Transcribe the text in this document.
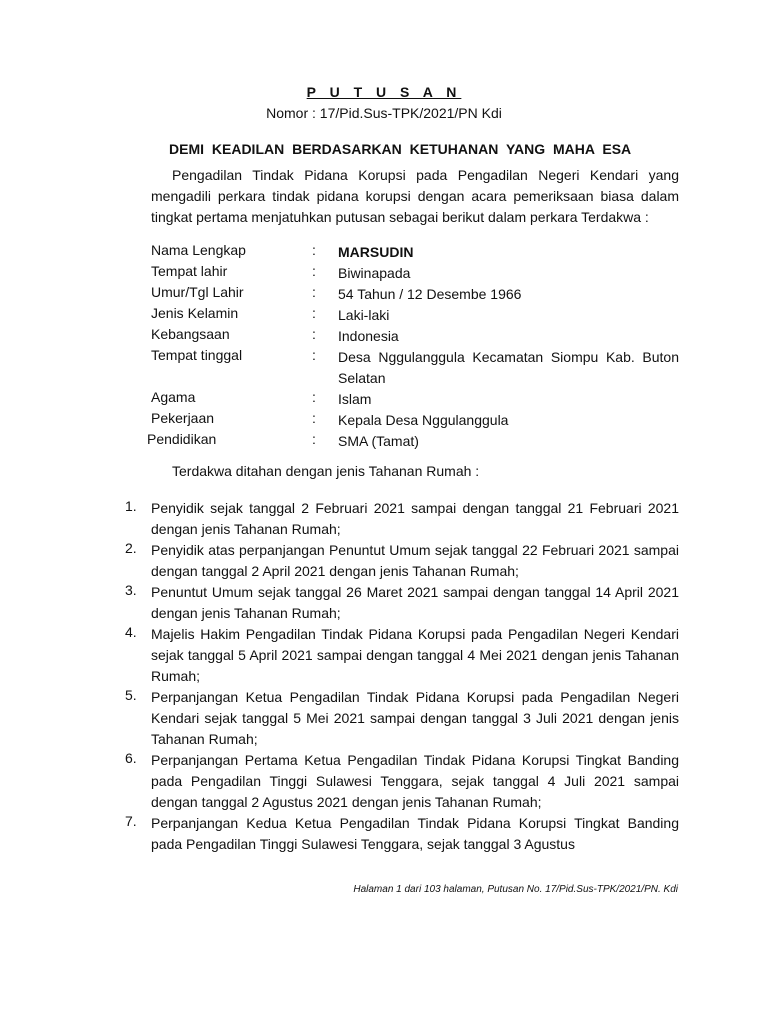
P U T U S A N
Nomor : 17/Pid.Sus-TPK/2021/PN Kdi
DEMI KEADILAN BERDASARKAN KETUHANAN YANG MAHA ESA
Pengadilan Tindak Pidana Korupsi pada Pengadilan Negeri Kendari yang mengadili perkara tindak pidana korupsi dengan acara pemeriksaan biasa dalam tingkat pertama menjatuhkan putusan sebagai berikut dalam perkara Terdakwa :
Nama Lengkap	: MARSUDIN
Tempat lahir	: Biwinapada
Umur/Tgl Lahir	: 54 Tahun / 12 Desembe 1966
Jenis Kelamin	: Laki-laki
Kebangsaan	: Indonesia
Tempat tinggal	: Desa Nggulanggula Kecamatan Siompu Kab. Buton Selatan
Agama	: Islam
Pekerjaan	: Kepala Desa Nggulanggula
Pendidikan	: SMA (Tamat)
Terdakwa ditahan dengan jenis Tahanan Rumah :
1. Penyidik sejak tanggal 2 Februari 2021 sampai dengan tanggal 21 Februari 2021 dengan jenis Tahanan Rumah;
2. Penyidik atas perpanjangan Penuntut Umum sejak tanggal 22 Februari 2021 sampai dengan tanggal 2 April 2021 dengan jenis Tahanan Rumah;
3. Penuntut Umum sejak tanggal 26 Maret 2021 sampai dengan tanggal 14 April 2021 dengan jenis Tahanan Rumah;
4. Majelis Hakim Pengadilan Tindak Pidana Korupsi pada Pengadilan Negeri Kendari sejak tanggal 5 April 2021 sampai dengan tanggal 4 Mei 2021 dengan jenis Tahanan Rumah;
5. Perpanjangan Ketua Pengadilan Tindak Pidana Korupsi pada Pengadilan Negeri Kendari sejak tanggal 5 Mei 2021 sampai dengan tanggal 3 Juli 2021 dengan jenis Tahanan Rumah;
6. Perpanjangan Pertama Ketua Pengadilan Tindak Pidana Korupsi Tingkat Banding pada Pengadilan Tinggi Sulawesi Tenggara, sejak tanggal 4 Juli 2021 sampai dengan tanggal 2 Agustus 2021 dengan jenis Tahanan Rumah;
7. Perpanjangan Kedua Ketua Pengadilan Tindak Pidana Korupsi Tingkat Banding pada Pengadilan Tinggi Sulawesi Tenggara, sejak tanggal 3 Agustus
Halaman 1 dari 103 halaman, Putusan No. 17/Pid.Sus-TPK/2021/PN. Kdi
